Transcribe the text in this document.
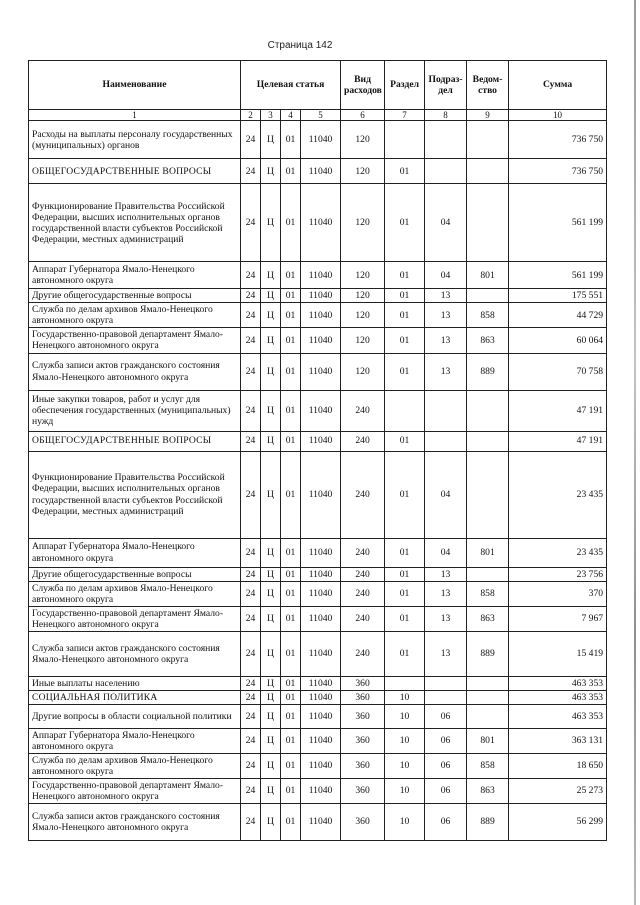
Страница 142
Наименование	Целевая статья				Вид расходов	Раздел	Подраз-дел	Ведом-ство	Сумма
1	2	3	4	5	6	7	8	9	10
Расходы на выплаты персоналу государственных (муниципальных) органов	24	Ц	01	11040	120				736 750
ОБЩЕГОСУДАРСТВЕННЫЕ ВОПРОСЫ	24	Ц	01	11040	120	01			736 750
Функционирование Правительства Российской Федерации, высших исполнительных органов государственной власти субъектов Российской Федерации, местных администраций	24	Ц	01	11040	120	01	04		561 199
Аппарат Губернатора Ямало-Ненецкого автономного округа	24	Ц	01	11040	120	01	04	801	561 199
Другие общегосударственные вопросы	24	Ц	01	11040	120	01	13		175 551
Служба по делам архивов Ямало-Ненецкого автономного округа	24	Ц	01	11040	120	01	13	858	44 729
Государственно-правовой департамент Ямало-Ненецкого автономного округа	24	Ц	01	11040	120	01	13	863	60 064
Служба записи актов гражданского состояния Ямало-Ненецкого автономного округа	24	Ц	01	11040	120	01	13	889	70 758
Иные закупки товаров, работ и услуг для обеспечения государственных (муниципальных) нужд	24	Ц	01	11040	240				47 191
ОБЩЕГОСУДАРСТВЕННЫЕ ВОПРОСЫ	24	Ц	01	11040	240	01			47 191
Функционирование Правительства Российской Федерации, высших исполнительных органов государственной власти субъектов Российской Федерации, местных администраций	24	Ц	01	11040	240	01	04		23 435
Аппарат Губернатора Ямало-Ненецкого автономного округа	24	Ц	01	11040	240	01	04	801	23 435
Другие общегосударственные вопросы	24	Ц	01	11040	240	01	13		23 756
Служба по делам архивов Ямало-Ненецкого автономного округа	24	Ц	01	11040	240	01	13	858	370
Государственно-правовой департамент Ямало-Ненецкого автономного округа	24	Ц	01	11040	240	01	13	863	7 967
Служба записи актов гражданского состояния Ямало-Ненецкого автономного округа	24	Ц	01	11040	240	01	13	889	15 419
Иные выплаты населению	24	Ц	01	11040	360				463 353
СОЦИАЛЬНАЯ ПОЛИТИКА	24	Ц	01	11040	360	10			463 353
Другие вопросы в области социальной политики	24	Ц	01	11040	360	10	06		463 353
Аппарат Губернатора Ямало-Ненецкого автономного округа	24	Ц	01	11040	360	10	06	801	363 131
Служба по делам архивов Ямало-Ненецкого автономного округа	24	Ц	01	11040	360	10	06	858	18 650
Государственно-правовой департамент Ямало-Ненецкого автономного округа	24	Ц	01	11040	360	10	06	863	25 273
Служба записи актов гражданского состояния Ямало-Ненецкого автономного округа	24	Ц	01	11040	360	10	06	889	56 299
